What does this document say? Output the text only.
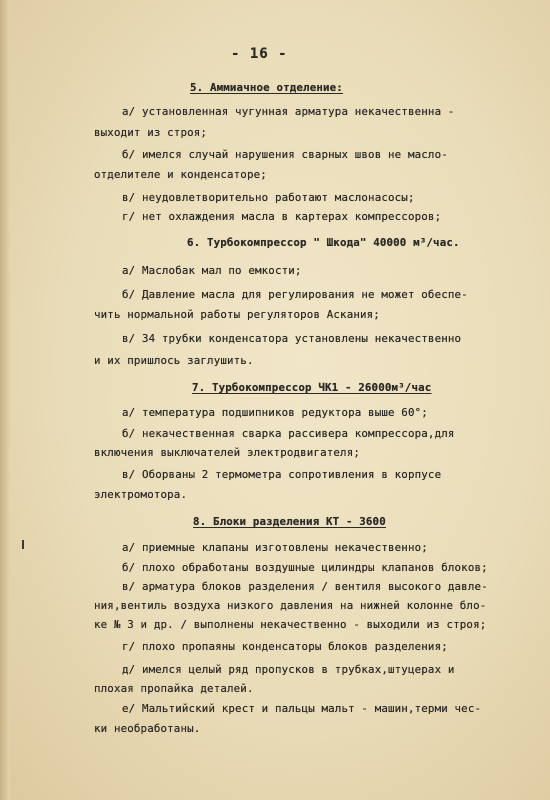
- 16 -
5. Аммиачное отделение:
а/ установленная чугунная арматура некачественна -
выходит из строя;
б/ имелся случай нарушения сварных швов не масло-
отделителе и конденсаторе;
в/ неудовлетворительно работают маслонасосы;
г/ нет охлаждения масла в картерах компрессоров;
6. Турбокомпрессор " Шкода" 40000 м³/час.
а/ Маслобак мал по емкости;
б/ Давление масла для регулирования не может обеспе-
чить нормальной работы регуляторов Аскания;
в/ 34 трубки конденсатора установлены некачественно
и их пришлось заглушить.
7. Турбокомпрессор ЧК1 - 26000м³/час
а/ температура подшипников редуктора выше 60°;
б/ некачественная сварка рассивера компрессора,для
включения выключателей электродвигателя;
в/ Оборваны 2 термометра сопротивления в корпусе
электромотора.
8. Блоки разделения КТ - 3600
а/ приемные клапаны изготовлены некачественно;
б/ плохо обработаны воздушные цилиндры клапанов блоков;
в/ арматура блоков разделения / вентиля высокого давле-
ния,вентиль воздуха низкого давления на нижней колонне бло-
ке № 3 и др. / выполнены некачественно - выходили из строя;
г/ плохо пропаяны конденсаторы блоков разделения;
д/ имелся целый ряд пропусков в трубках,штуцерах и
плохая пропайка деталей.
е/ Мальтийский крест и пальцы мальт - машин,терми чес-
ки необработаны.
